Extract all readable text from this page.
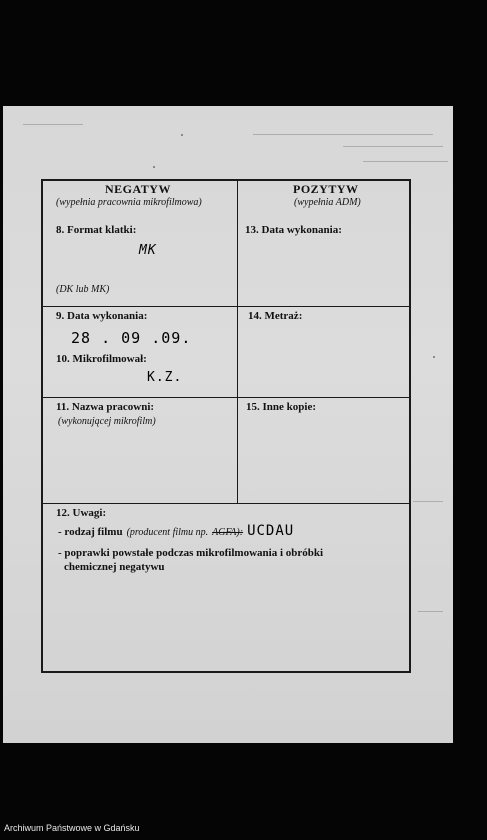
NEGATYW
(wypełnia pracownia mikrofilmowa)
POZYTYW
(wypełnia ADM)
8. Format klatki:
MK
(DK lub MK)
13. Data wykonania:
9. Data wykonania:
28 . 09 .09.
10. Mikrofilmował:
K.Z.
14. Metraż:
11. Nazwa pracowni:
(wykonującej mikrofilm)
15. Inne kopie:
12. Uwagi:
- rodzaj filmu (producent filmu np. AGFA): UCDAU
- poprawki powstałe podczas mikrofilmowania i obróbki
chemicznej negatywu
Archiwum Państwowe w Gdańsku
